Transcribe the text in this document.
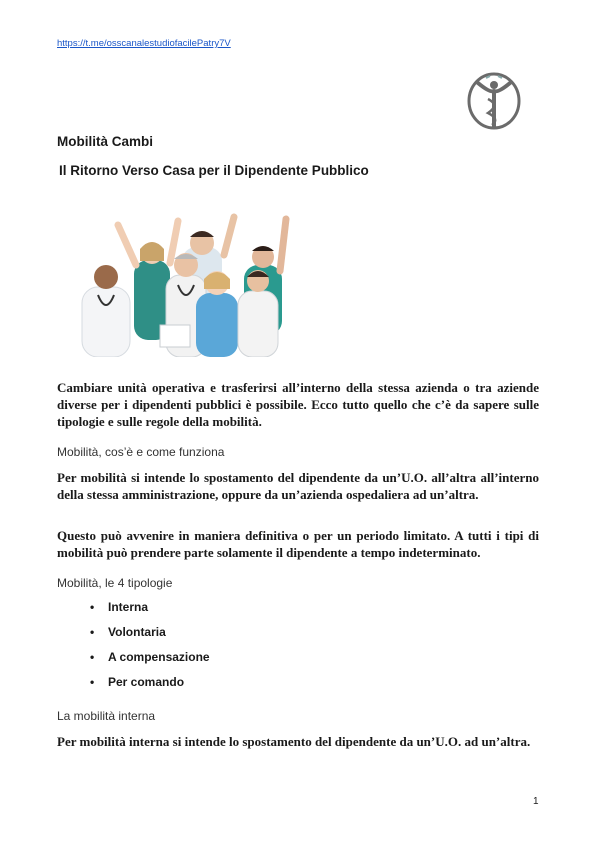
https://t.me/osscanalestudiofacilePatry7V
Mobilità Cambi
Il Ritorno Verso Casa per il Dipendente Pubblico
Cambiare unità operativa e trasferirsi all’interno della stessa azienda o tra aziende diverse per i dipendenti pubblici è possibile. Ecco tutto quello che c’è da sapere sulle tipologie e sulle regole della mobilità.
Mobilità, cos’è e come funziona
Per mobilità si intende lo spostamento del dipendente da un’U.O. all’altra all’interno della stessa amministrazione, oppure da un’azienda ospedaliera ad un’altra.
Questo può avvenire in maniera definitiva o per un periodo limitato. A tutti i tipi di mobilità può prendere parte solamente il dipendente a tempo indeterminato.
Mobilità, le 4 tipologie
•	Interna
•	Volontaria
•	A compensazione
•	Per comando
La mobilità interna
Per mobilità interna si intende lo spostamento del dipendente da un’U.O. ad un’altra.
1
